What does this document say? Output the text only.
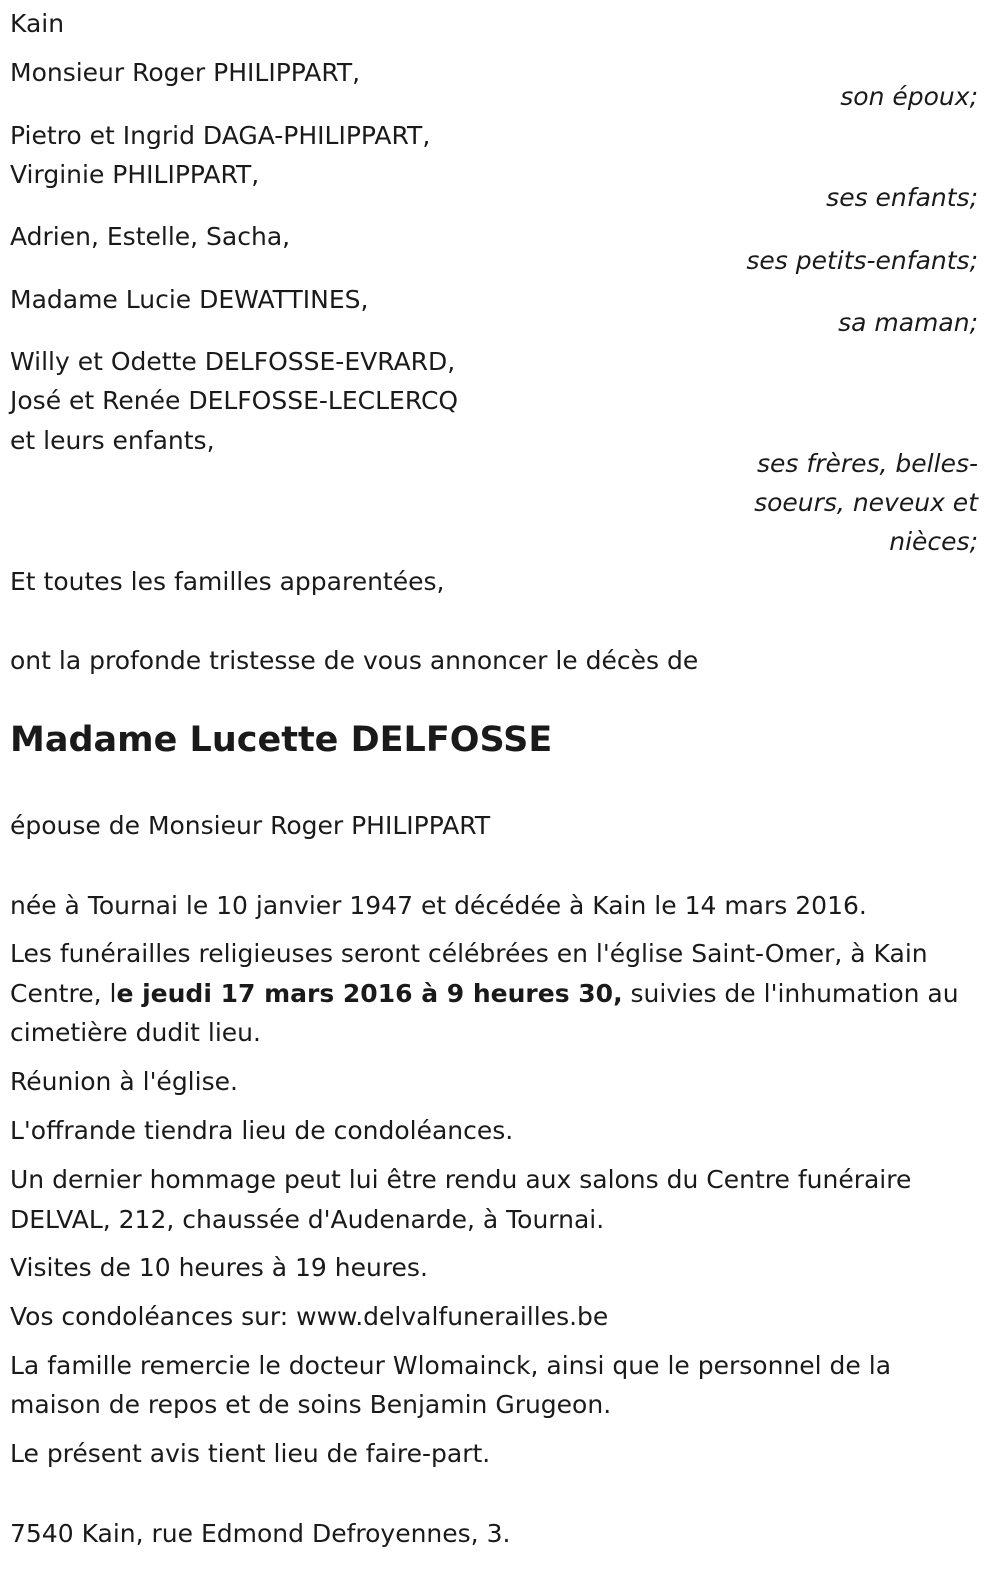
Kain
Monsieur Roger PHILIPPART,
son époux;
Pietro et Ingrid DAGA-PHILIPPART,
Virginie PHILIPPART,
ses enfants;
Adrien, Estelle, Sacha,
ses petits-enfants;
Madame Lucie DEWATTINES,
sa maman;
Willy et Odette DELFOSSE-EVRARD,
José et Renée DELFOSSE-LECLERCQ
et leurs enfants,
ses frères, belles-
soeurs, neveux et
nièces;
Et toutes les familles apparentées,
ont la profonde tristesse de vous annoncer le décès de
Madame Lucette DELFOSSE
épouse de Monsieur Roger PHILIPPART
née à Tournai le 10 janvier 1947 et décédée à Kain le 14 mars 2016.
Les funérailles religieuses seront célébrées en l'église Saint-Omer, à Kain
Centre, le jeudi 17 mars 2016 à 9 heures 30, suivies de l'inhumation au
cimetière dudit lieu.
Réunion à l'église.
L'offrande tiendra lieu de condoléances.
Un dernier hommage peut lui être rendu aux salons du Centre funéraire
DELVAL, 212, chaussée d'Audenarde, à Tournai.
Visites de 10 heures à 19 heures.
Vos condoléances sur: www.delvalfunerailles.be
La famille remercie le docteur Wlomainck, ainsi que le personnel de la
maison de repos et de soins Benjamin Grugeon.
Le présent avis tient lieu de faire-part.
7540 Kain, rue Edmond Defroyennes, 3.
